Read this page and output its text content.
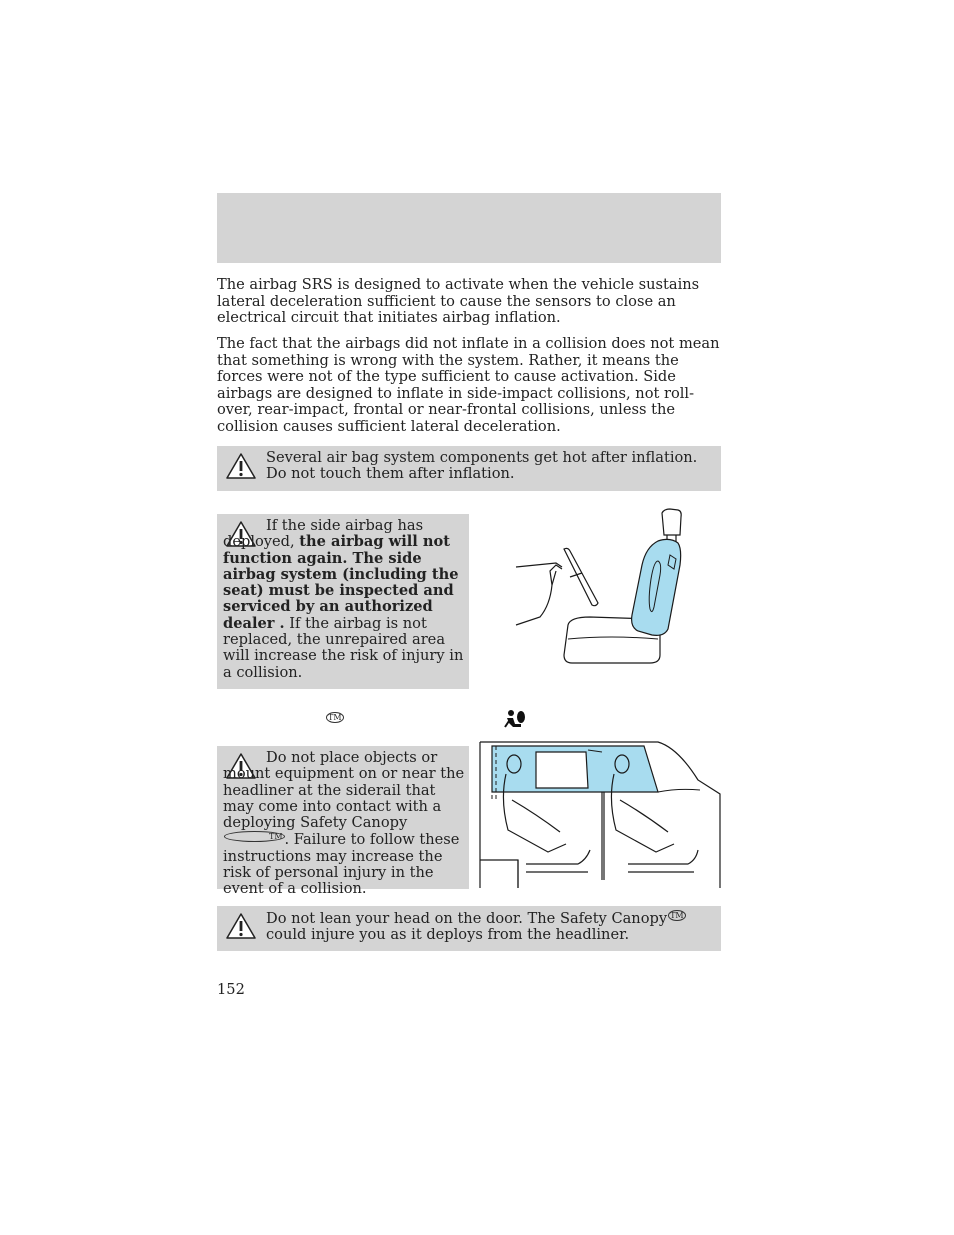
The airbag SRS is designed to activate when the vehicle sustains lateral deceleration sufficient to cause the sensors to close an electrical circuit that initiates airbag inflation.

The fact that the airbags did not inflate in a collision does not mean that something is wrong with the system. Rather, it means the forces were not of the type sufficient to cause activation. Side airbags are designed to inflate in side-impact collisions, not roll-over, rear-impact, frontal or near-frontal collisions, unless the collision causes sufficient lateral deceleration.

Several air bag system components get hot after inflation. Do not touch them after inflation.
If the side airbag has deployed, the airbag will not function again. The side airbag system (including the seat) must be inspected and serviced by an authorized dealer . If the airbag is not replaced, the unrepaired area will increase the risk of injury in a collision.
TM
Do not place objects or mount equipment on or near the headliner at the siderail that may come into contact with a deploying Safety CanopyTM . Failure to follow these instructions may increase the risk of personal injury in the event of a collision.
Do not lean your head on the door. The Safety Canopy TM could injure you as it deploys from the headliner.
152
